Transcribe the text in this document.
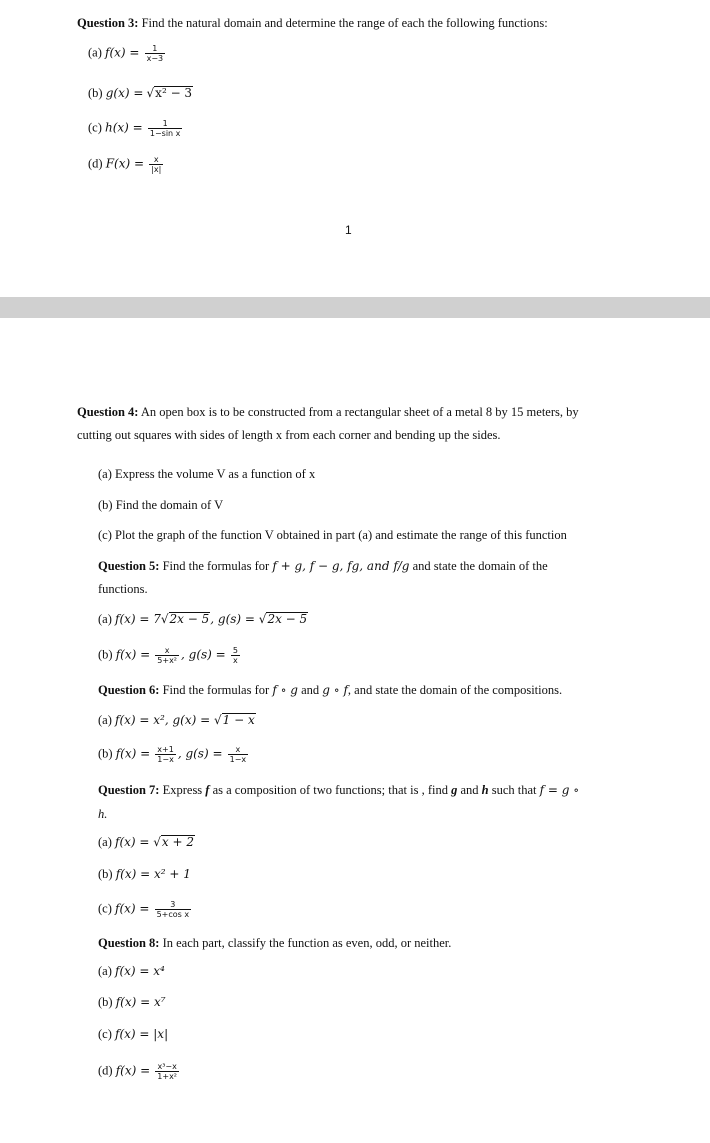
Question 3: Find the natural domain and determine the range of each the following functions:
(a) $f(x) = \frac{1}{x-3}$
(b) g(x) = √x² − 3
(c) $h(x) = \frac{1}{\text{1−sin x}}$
(d) $F(x) = \frac{x}{|x|}$
1
Question 4: An open box is to be constructed from a rectangular sheet of a metal 8 by 15 meters, by
cutting out squares with sides of length x from each corner and bending up the sides.
(a) Express the volume V as a function of x
(b) Find the domain of V
(c) Plot the graph of the function V obtained in part (a) and estimate the range of this function
Question 5: Find the formulas for f + g, f − g, fg, and f/g and state the domain of the
functions.
(a) f(x) = 7√2x − 5, g(s) = √2x − 5
(b) $f(x) = \frac{x}{\text{5+x²}}$ , $g(s) = \frac{5}{x}$
Question 6: Find the formulas for f ∘ g and g ∘ f, and state the domain of the compositions.
(a) f(x) = x², g(x) = √1 − x
(b) $f(x) = \frac{x+1}{1-x}$ , $g(s) = \frac{x}{1-x}$
Question 7: Express f as a composition of two functions; that is , find g and h such that f = g ∘
h.
(a) f(x) = √x + 2
(b) f(x) = x² + 1
(c) $f(x) = \frac{3}{\text{5+cos x}}$
Question 8: In each part, classify the function as even, odd, or neither.
(a) f(x) = x⁴
(b) f(x) = x⁷
(c) f(x) = |x|
(d) $f(x) = \frac{\text{x³−x}}{\text{1+x²}}$
